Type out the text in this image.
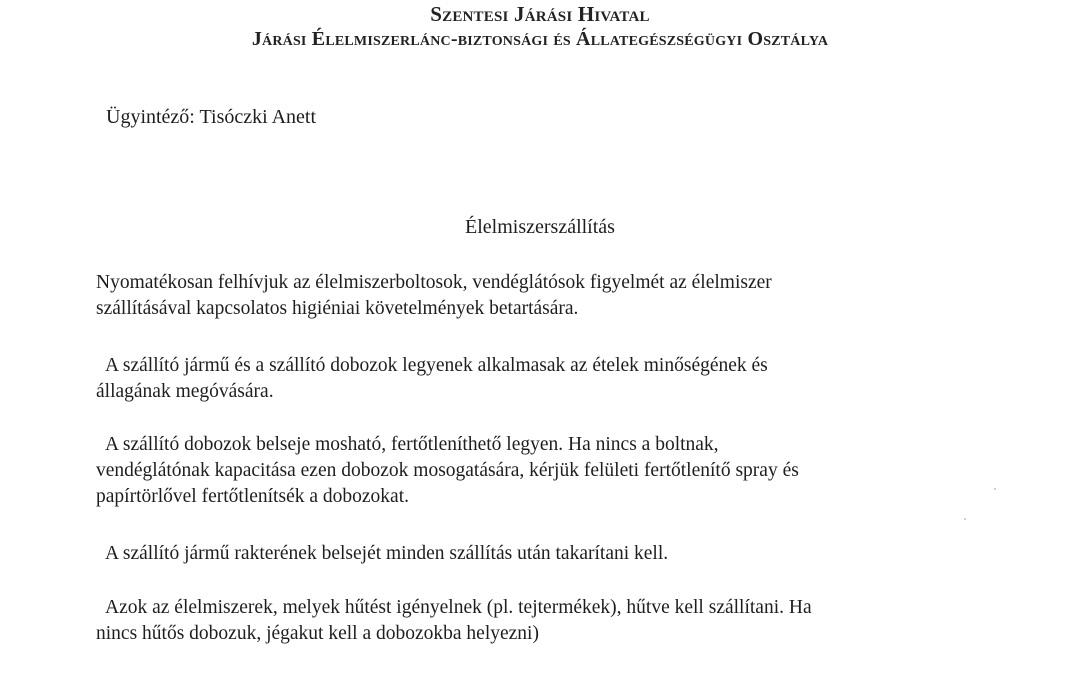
Szentesi Járási Hivatal
Járási Élelmiszerlánc-biztonsági és Állategészségügyi Osztálya
Ügyintéző: Tisóczki Anett
Élelmiszerszállítás
Nyomatékosan felhívjuk az élelmiszerboltosok, vendéglátósok figyelmét az élelmiszer
szállításával kapcsolatos higiéniai követelmények betartására.
A szállító jármű és a szállító dobozok legyenek alkalmasak az ételek minőségének és
állagának megóvására.
A szállító dobozok belseje mosható, fertőtleníthető legyen. Ha nincs a boltnak,
vendéglátónak kapacitása ezen dobozok mosogatására, kérjük felületi fertőtlenítő spray és
papírtörlővel fertőtlenítsék a dobozokat.
A szállító jármű rakterének belsejét minden szállítás után takarítani kell.
Azok az élelmiszerek, melyek hűtést igényelnek (pl. tejtermékek), hűtve kell szállítani. Ha
nincs hűtős dobozuk, jégakut kell a dobozokba helyezni)
